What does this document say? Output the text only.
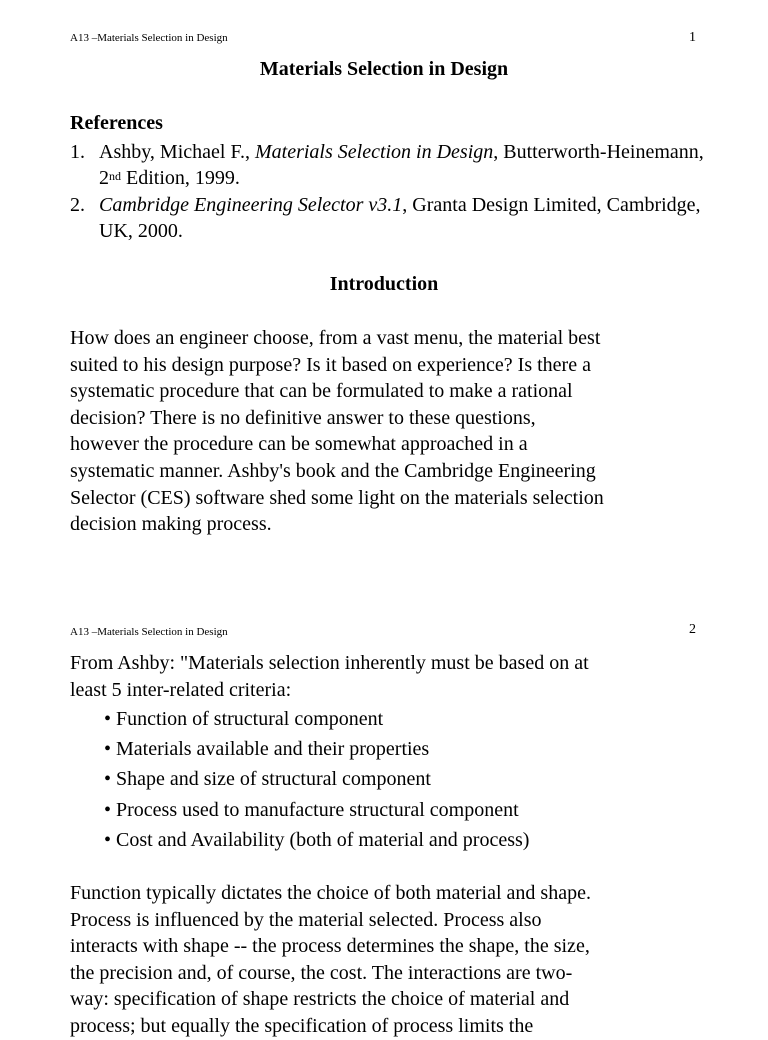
A13 –Materials Selection in Design	1
Materials Selection in Design
References
1. Ashby, Michael F., Materials Selection in Design, Butterworth-Heinemann, 2nd Edition, 1999.
2. Cambridge Engineering Selector v3.1, Granta Design Limited, Cambridge, UK, 2000.
Introduction
How does an engineer choose, from a vast menu, the material best
suited to his design purpose? Is it based on experience? Is there a
systematic procedure that can be formulated to make a rational
decision? There is no definitive answer to these questions,
however the procedure can be somewhat approached in a
systematic manner. Ashby's book and the Cambridge Engineering
Selector (CES) software shed some light on the materials selection
decision making process.
A13 –Materials Selection in Design	2
From Ashby: "Materials selection inherently must be based on at
least 5 inter-related criteria:
• Function of structural component
• Materials available and their properties
• Shape and size of structural component
• Process used to manufacture structural component
• Cost and Availability (both of material and process)
Function typically dictates the choice of both material and shape.
Process is influenced by the material selected. Process also
interacts with shape -- the process determines the shape, the size,
the precision and, of course, the cost. The interactions are two-
way: specification of shape restricts the choice of material and
process; but equally the specification of process limits the
